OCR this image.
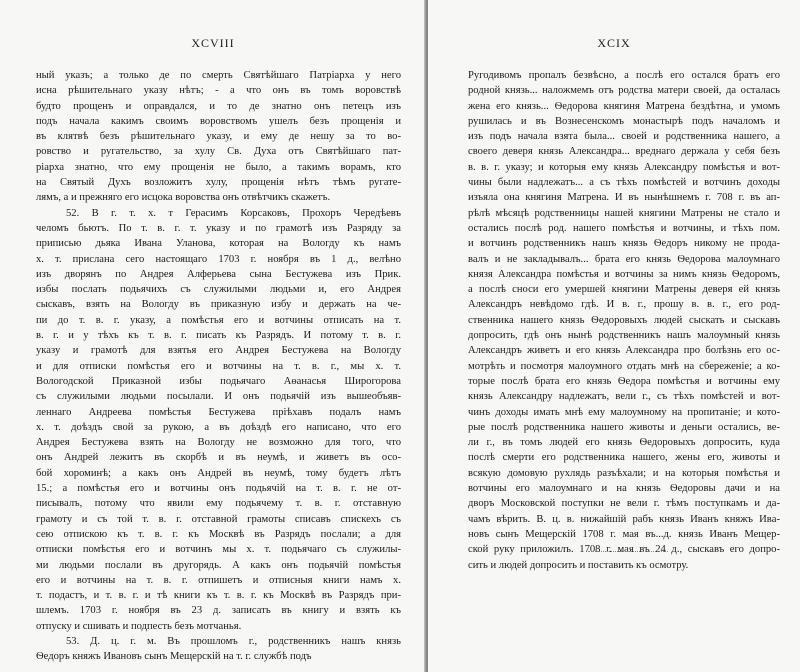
XCVIII
ный указъ; а только де по смерть Святѣйшаго Патріарха у него
исна рѣшительнаго указу нѣтъ; - а что онъ въ томъ воровствѣ
будто прощенъ и оправдался, и то де знатно онъ петецъ изъ
подъ начала какимъ своимъ воровствомъ ушелъ безъ прощенія и
въ клятвѣ безъ рѣшительнаго указу, и ему де нешу за то во-
ровство и ругательство, за хулу Св. Духа отъ Святѣйшаго пат-
ріарха знатно, что ему прощенія не было, а такимъ ворамъ, кто
на Святый Духъ возложитъ хулу, прощенія нѣтъ тѣмъ ругате-
лямъ, а и прежняго его исцока воровства онъ отвѣтчикъ скажетъ.
52. В г. т. х. т Герасимъ Корсаковъ, Прохоръ Чередѣевъ
челомъ бьютъ. По т. в. г. т. указу и по грамотѣ изъ Разряду за
приписью дьяка Ивана Уланова, которая на Вологду къ намъ
х. т. прислана сего настоящаго 1703 г. ноября въ 1 д., велѣно
изъ дворянъ по Андрея Алферьева сына Бестужева изъ Прик.
избы послать подьячихъ съ служилыми людьми и, его Андрея
сыскавъ, взять на Вологду въ приказную избу и держать на че-
пи до т. в. г. указу, а помѣстья его и вотчины отписать на т.
в. г. и у тѣхъ къ т. в. г. писать къ Разрядъ. И потому т. в. г.
указу и грамотѣ для взятья его Андрея Бестужева на Вологду
и для отписки помѣстья его и вотчины на т. в. г., мы х. т.
Вологодской Приказной избы подьячаго Аѳанасья Широгорова
съ служилыми людьми посылали. И онъ подьячій изъ вышеобъяв-
леннаго Андреева помѣстья Бестужева пріѣхавъ подалъ намъ
х. т. доѣздъ свой за рукою, а въ доѣздѣ его написано, что его
Андрея Бестужева взять на Вологду не возможно для того, что
онъ Андрей лежитъ въ скорбѣ и въ неумѣ, и живетъ въ осо-
бой хороминѣ; а какъ онъ Андрей въ неумѣ, тому будетъ лѣтъ
15.; а помѣстья его и вотчины онъ подьячій на т. в. г. не от-
писывалъ, потому что явили ему подьячему т. в. г. отставную
грамоту и съ той т. в. г. отставной грамоты списавъ спискехъ съ
сею отпискою къ т. в. г. къ Москвѣ въ Разрядъ послали; а для
отписки помѣстья его и вотчинъ мы х. т. подьячаго съ служилы-
ми людьми послали въ другорядь. А какъ онъ подьячій помѣстья
его и вотчины на т. в. г. отпишетъ и отписныя книги намъ х.
т. подастъ, и т. в. г. и тѣ книги къ т. в. г. къ Москвѣ въ Разрядъ при-
шлемъ. 1703 г. ноября въ 23 д. записать въ книгу и взять къ
отпуску и сшивать и подпесть безъ мотчанья.
53. Д. ц. г. м. Въ прошломъ г., родственникъ нашъ князь
Ѳедоръ княжъ Ивановъ сынъ Мещерскій на т. г. службѣ подъ
XCIX
Ругодивомъ пропалъ безвѣсно, а послѣ его остался братъ его
родной князь... наложмемъ отъ родства матери своей, да осталась
жена его князь... Ѳедорова княгиня Матрена бездѣтна, и умомъ
рушилась и въ Вознесенскомъ монастырѣ подъ началомъ и
изъ подъ начала взята была... своей и родственника нашего, а
своего деверя князь Александра... вреднаго держала у себя безъ
в. в. г. указу; и которыя ему князь Александру помѣстья и вот-
чины были надлежатъ... а съ тѣхъ помѣстей и вотчинъ доходы
изъяла она княгиня Матрена. И въ нынѣшнемъ г. 708 г. въ ап-
рѣлѣ мѣсяцѣ родственницы нашей княгини Матрены не стало и
остались послѣ род. нашего помѣстья и вотчины, и тѣхъ пом.
и вотчинъ родственникъ нашъ князь Ѳедоръ никому не прода-
валъ и не закладывалъ... брата его князь Ѳедорова малоумнаго
князя Александра помѣстья и вотчины за нимъ князь Ѳедоромъ,
а послѣ сноси его умершей княгини Матрены деверя ей князь
Александръ невѣдомо гдѣ. И в. г., прошу в. в. г., его род-
ственника нашего князь Ѳедоровыхъ людей сыскать и сыскавъ
допросить, гдѣ онъ нынѣ родственникъ нашъ малоумный князь
Александръ живетъ и его князь Александра про болѣзнь его ос-
мотрѣть и посмотря малоумного отдать мнѣ на сбереженіе; а ко-
торые послѣ брата его князь Ѳедора помѣстья и вотчины ему
князь Александру надлежатъ, вели г., съ тѣхъ помѣстей и вот-
чинъ доходы имать мнѣ ему малоумному на пропитаніе; и кото-
рые послѣ родственника нашего животы и деньги остались, ве-
ли г., въ томъ людей его князь Ѳедоровыхъ допросить, куда
послѣ смерти его родственника нашего, жены его, животы и
всякую домовую рухлядь разъѣхали; и на которыя помѣстья и
вотчины его малоумнаго и на князь Ѳедоровы дачи и на
дворъ Московской поступки не вели г. тѣмъ поступкамъ и да-
чамъ вѣрить. В. ц. в. нижайшій рабъ князь Иванъ княжъ Ивa-
новъ сынъ Мещерскій 1708 г. мая въ...д. князь Иванъ Мещер-
ской руку приложилъ. 1708 г. мая въ 24 д., сыскавъ его допро-
сить и людей допросить и поставить къ осмотру.
